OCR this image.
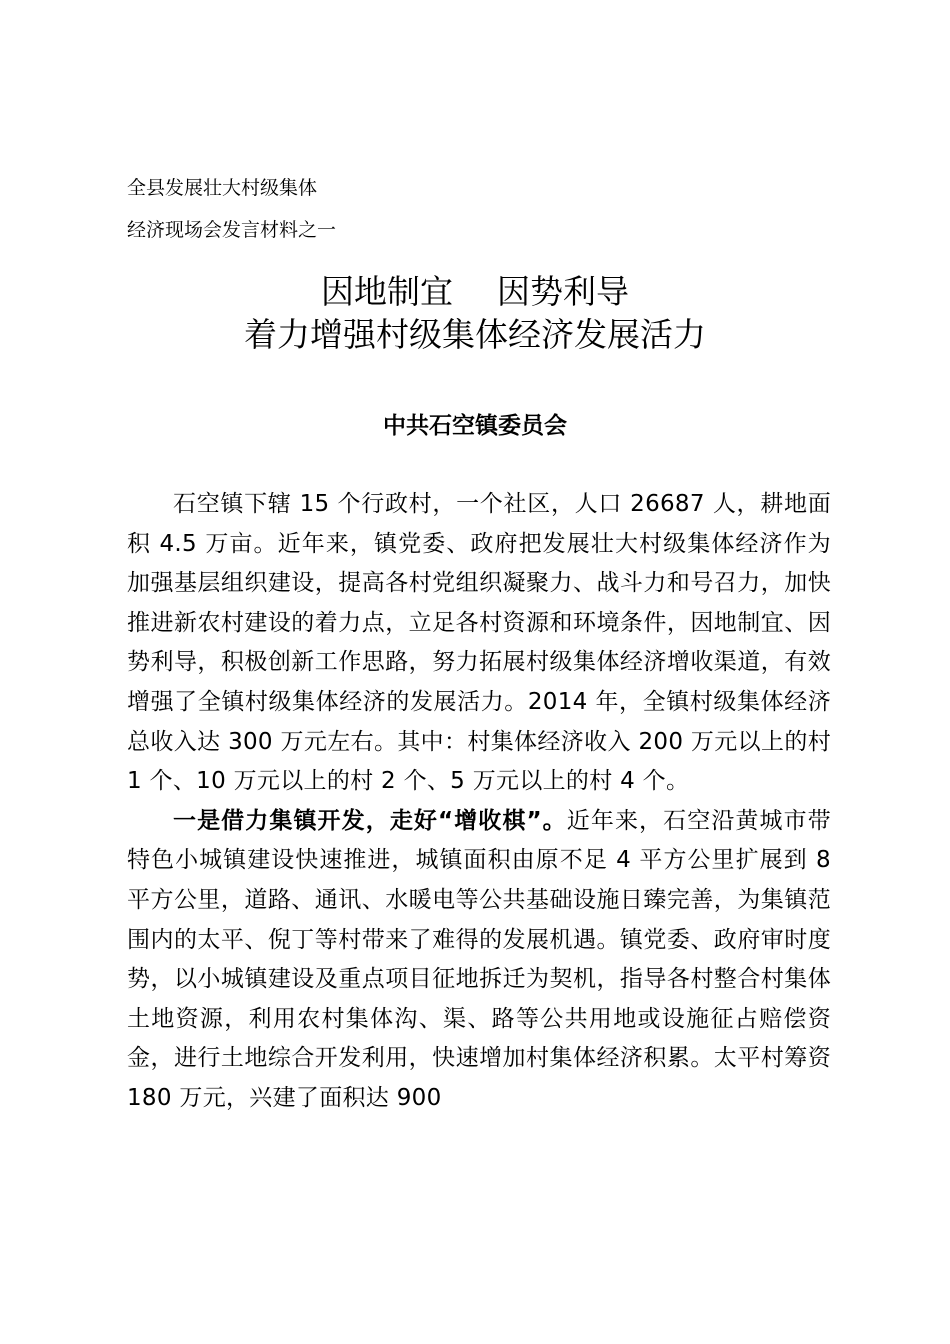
全县发展壮大村级集体
经济现场会发言材料之一
因地制宜 因势利导
着力增强村级集体经济发展活力
中共石空镇委员会

石空镇下辖 15 个行政村，一个社区，人口 26687 人，耕地面积 4.5 万亩。近年来，镇党委、政府把发展壮大村级集体经济作为加强基层组织建设，提高各村党组织凝聚力、战斗力和号召力，加快推进新农村建设的着力点，立足各村资源和环境条件，因地制宜、因势利导，积极创新工作思路，努力拓展村级集体经济增收渠道，有效增强了全镇村级集体经济的发展活力。2014 年，全镇村级集体经济总收入达 300 万元左右。其中：村集体经济收入 200 万元以上的村 1 个、10 万元以上的村 2 个、5 万元以上的村 4 个。

一是借力集镇开发，走好“增收棋”。近年来，石空沿黄城市带特色小城镇建设快速推进，城镇面积由原不足 4 平方公里扩展到 8 平方公里，道路、通讯、水暖电等公共基础设施日臻完善，为集镇范围内的太平、倪丁等村带来了难得的发展机遇。镇党委、政府审时度势，以小城镇建设及重点项目征地拆迁为契机，指导各村整合村集体土地资源，利用农村集体沟、渠、路等公共用地或设施征占赔偿资金，进行土地综合开发利用，快速增加村集体经济积累。太平村筹资 180 万元，兴建了面积达 900
